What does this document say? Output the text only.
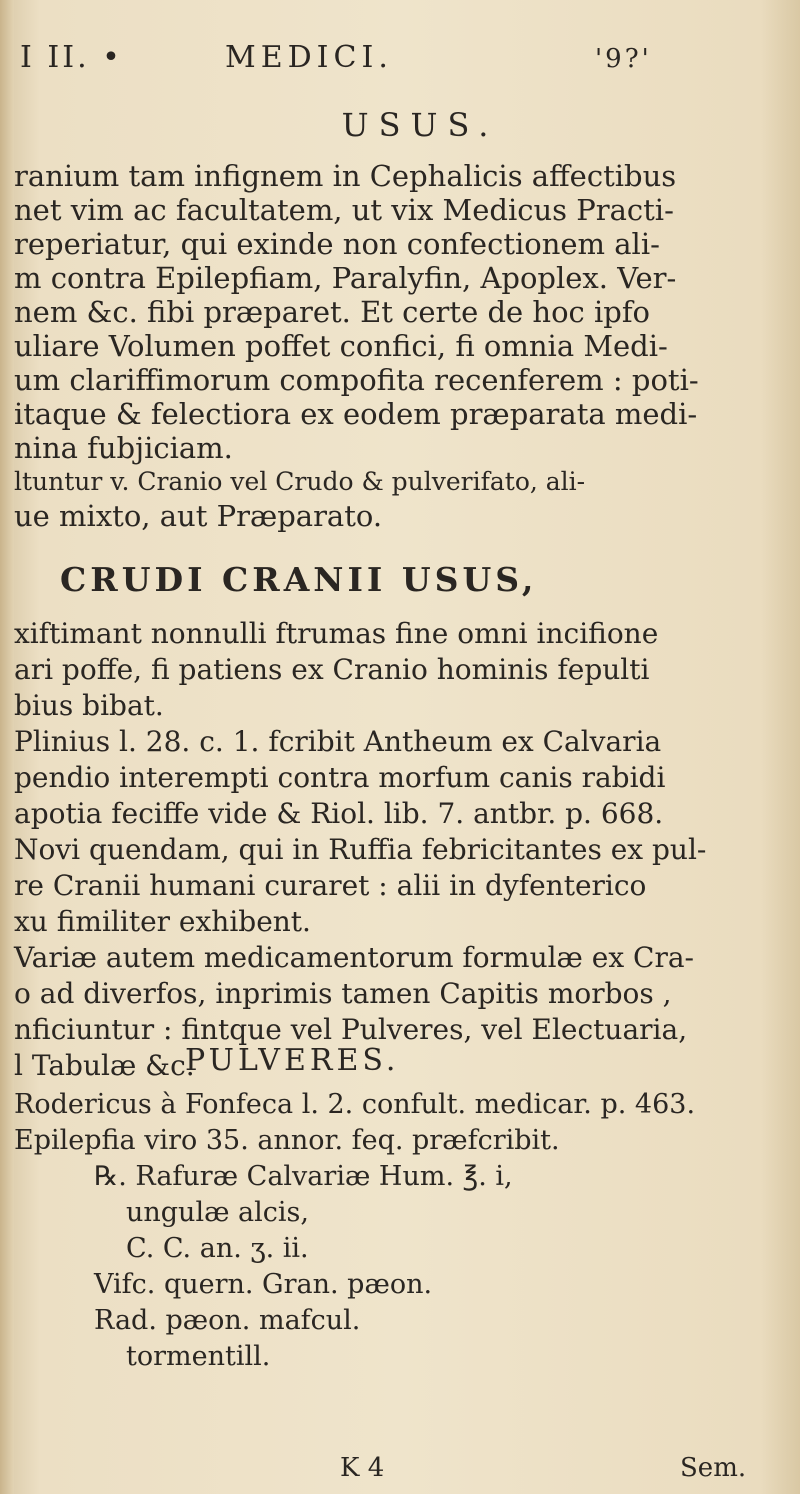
I II. •	MEDICI.	'9?'
USUS.
ranium tam infignem in Cephalicis affectibus
net vim ac facultatem, ut vix Medicus Practi-
reperiatur, qui exinde non confectionem ali-
m contra Epilepfiam, Paralyfin, Apoplex. Ver-
nem &c. fibi præparet. Et certe de hoc ipfo
uliare Volumen poffet confici, fi omnia Medi-
um clariffimorum compofita recenferem : poti-
itaque & felectiora ex eodem præparata medi-
nina fubjiciam.
ltuntur v. Cranio vel Crudo & pulverifato, ali-
ue mixto, aut Præparato.
CRUDI CRANII USUS,
xiftimant nonnulli ftrumas fine omni incifione
ari poffe, fi patiens ex Cranio hominis fepulti
bius bibat.
Plinius l. 28. c. 1. fcribit Antheum ex Calvaria
pendio interempti contra morfum canis rabidi
apotia feciffe vide & Riol. lib. 7. antbr. p. 668.
Novi quendam, qui in Ruffia febricitantes ex pul-
re Cranii humani curaret : alii in dyfenterico
xu fimiliter exhibent.
Variæ autem medicamentorum formulæ ex Cra-
o ad diverfos, inprimis tamen Capitis morbos ,
nficiuntur : fintque vel Pulveres, vel Electuaria,
l Tabulæ &c.
PULVERES.
Rodericus à Fonfeca l. 2. confult. medicar. p. 463.
Epilepfia viro 35. annor. feq. præfcribit.
℞. Rafuræ Calvariæ Hum. ℥. i,
ungulæ alcis,
C. C. an. ʒ. ii.
Vifc. quern. Gran. pæon.
Rad. pæon. mafcul.
tormentill.
K 4	Sem.
